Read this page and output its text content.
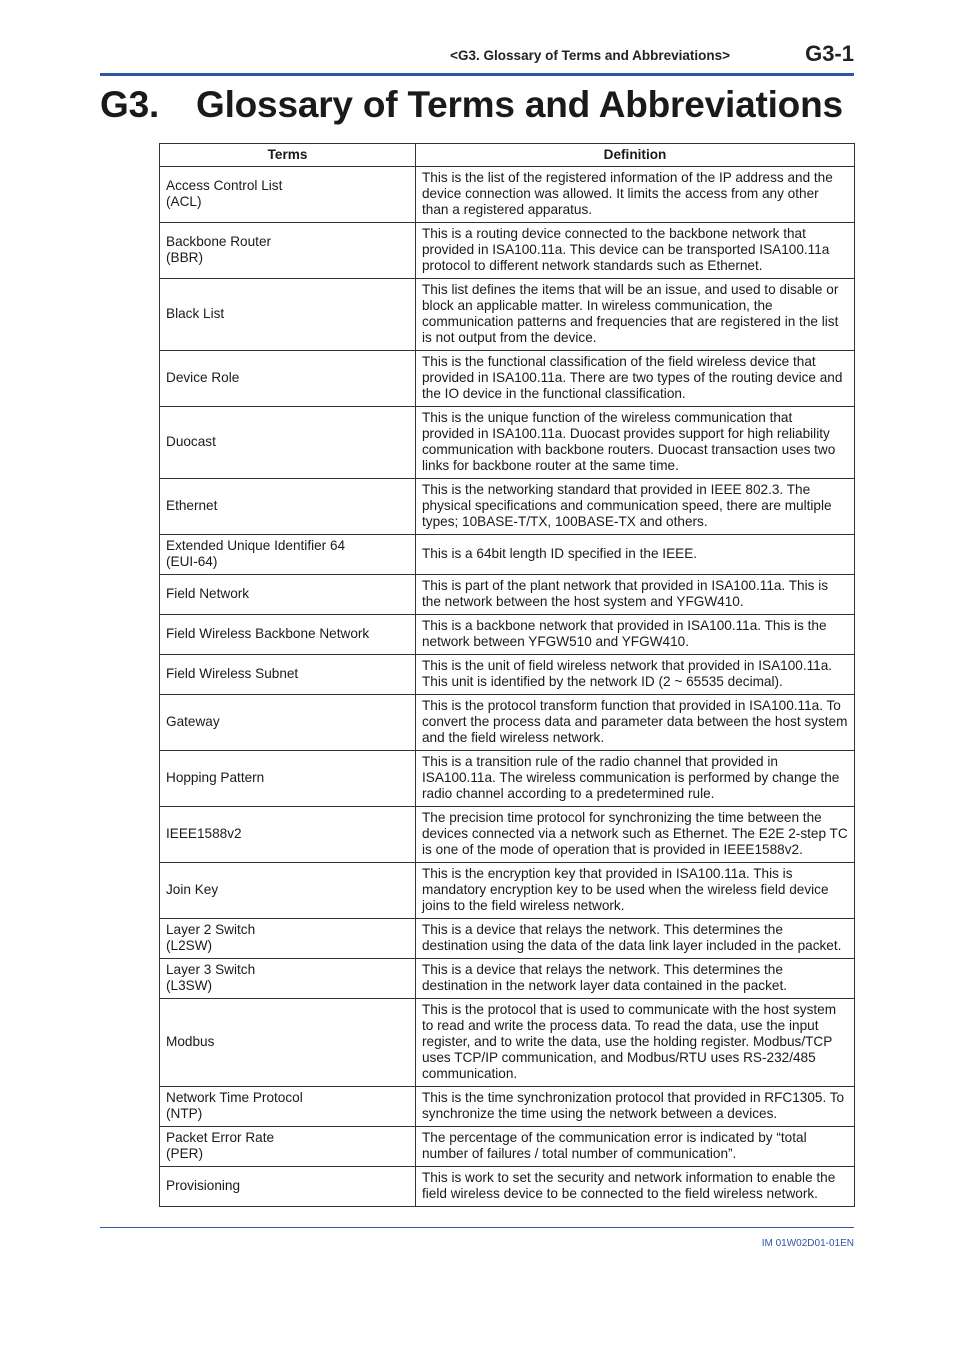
<G3. Glossary of Terms and Abbreviations>	G3-1
G3. Glossary of Terms and Abbreviations
Terms	Definition
Access Control List
(ACL)	This is the list of the registered information of the IP address and the device connection was allowed. It limits the access from any other than a registered apparatus.
Backbone Router
(BBR)	This is a routing device connected to the backbone network that provided in ISA100.11a. This device can be transported ISA100.11a protocol to different network standards such as Ethernet.
Black List	This list defines the items that will be an issue, and used to disable or block an applicable matter. In wireless communication, the communication patterns and frequencies that are registered in the list is not output from the device.
Device Role	This is the functional classification of the field wireless device that provided in ISA100.11a. There are two types of the routing device and the IO device in the functional classification.
Duocast	This is the unique function of the wireless communication that provided in ISA100.11a. Duocast provides support for high reliability communication with backbone routers. Duocast transaction uses two links for backbone router at the same time.
Ethernet	This is the networking standard that provided in IEEE 802.3. The physical specifications and communication speed, there are multiple types; 10BASE-T/TX, 100BASE-TX and others.
Extended Unique Identifier 64
(EUI-64)	This is a 64bit length ID specified in the IEEE.
Field Network	This is part of the plant network that provided in ISA100.11a. This is the network between the host system and YFGW410.
Field Wireless Backbone Network	This is a backbone network that provided in ISA100.11a. This is the network between YFGW510 and YFGW410.
Field Wireless Subnet	This is the unit of field wireless network that provided in ISA100.11a. This unit is identified by the network ID (2 ~ 65535 decimal).
Gateway	This is the protocol transform function that provided in ISA100.11a. To convert the process data and parameter data between the host system and the field wireless network.
Hopping Pattern	This is a transition rule of the radio channel that provided in ISA100.11a. The wireless communication is performed by change the radio channel according to a predetermined rule.
IEEE1588v2	The precision time protocol for synchronizing the time between the devices connected via a network such as Ethernet. The E2E 2-step TC is one of the mode of operation that is provided in IEEE1588v2.
Join Key	This is the encryption key that provided in ISA100.11a. This is mandatory encryption key to be used when the wireless field device joins to the field wireless network.
Layer 2 Switch
(L2SW)	This is a device that relays the network. This determines the destination using the data of the data link layer included in the packet.
Layer 3 Switch
(L3SW)	This is a device that relays the network. This determines the destination in the network layer data contained in the packet.
Modbus	This is the protocol that is used to communicate with the host system to read and write the process data. To read the data, use the input register, and to write the data, use the holding register. Modbus/TCP uses TCP/IP communication, and Modbus/RTU uses RS-232/485 communication.
Network Time Protocol
(NTP)	This is the time synchronization protocol that provided in RFC1305. To synchronize the time using the network between a devices.
Packet Error Rate
(PER)	The percentage of the communication error is indicated by “total number of failures / total number of communication”.
Provisioning	This is work to set the security and network information to enable the field wireless device to be connected to the field wireless network.
IM 01W02D01-01EN
